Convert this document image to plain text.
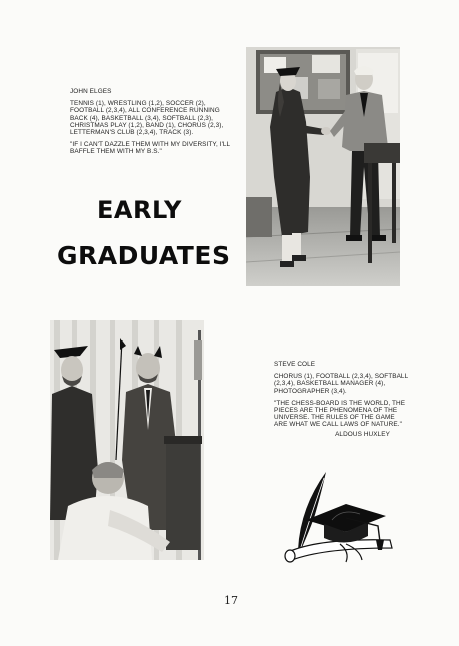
JOHN ELGES

TENNIS (1), WRESTLING (1,2), SOCCER (2), FOOTBALL (2,3,4), ALL CONFERENCE RUNNING BACK (4), BASKETBALL (3,4), SOFTBALL (2,3), CHRISTMAS PLAY (1,2), BAND (1), CHORUS (2,3), LETTERMAN'S CLUB (2,3,4), TRACK (3).

"IF I CAN'T DAZZLE THEM WITH MY DIVERSITY, I'LL BAFFLE THEM WITH MY B.S."

EARLY
GRADUATES

STEVE COLE

CHORUS (1), FOOTBALL (2,3,4), SOFTBALL (2,3,4), BASKETBALL MANAGER (4), PHOTOGRAPHER (3,4).

"THE CHESS-BOARD IS THE WORLD, THE PIECES ARE THE PHENOMENA OF THE UNIVERSE. THE RULES OF THE GAME ARE WHAT WE CALL LAWS OF NATURE."

ALDOUS HUXLEY

17
